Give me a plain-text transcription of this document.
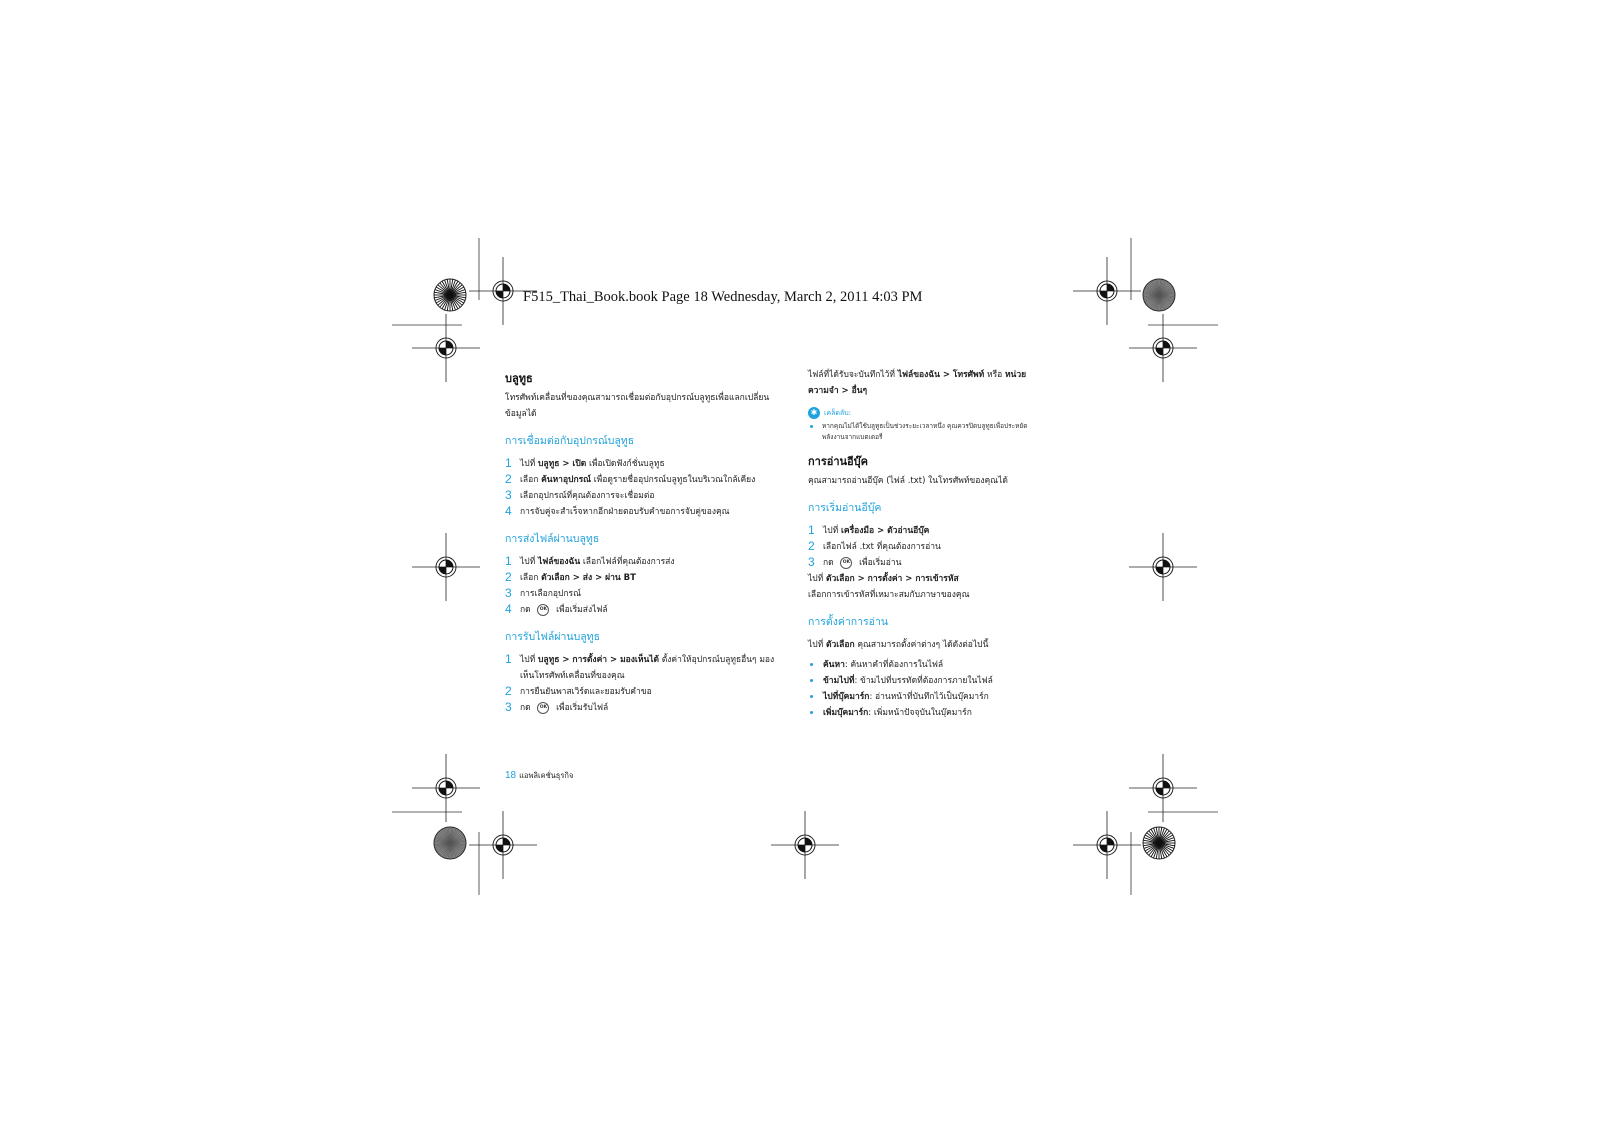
F515_Thai_Book.book Page 18 Wednesday, March 2, 2011 4:03 PM
บลูทูธ

โทรศัพท์เคลื่อนที่ของคุณสามารถเชื่อมต่อกับอุปกรณ์บลูทูธเพื่อแลกเปลี่ยนข้อมูลได้

การเชื่อมต่อกับอุปกรณ์บลูทูธ
1 ไปที่ บลูทูธ > เปิด เพื่อเปิดฟังก์ชั่นบลูทูธ
2 เลือก ค้นหาอุปกรณ์ เพื่อดูรายชื่ออุปกรณ์บลูทูธในบริเวณใกล้เคียง
3 เลือกอุปกรณ์ที่คุณต้องการจะเชื่อมต่อ
4 การจับคู่จะสำเร็จหากอีกฝ่ายตอบรับคำขอการจับคู่ของคุณ
การส่งไฟล์ผ่านบลูทูธ
1 ไปที่ ไฟล์ของฉัน เลือกไฟล์ที่คุณต้องการส่ง
2 เลือก ตัวเลือก > ส่ง > ผ่าน BT
3 การเลือกอุปกรณ์
4 กด OK เพื่อเริ่มส่งไฟล์
การรับไฟล์ผ่านบลูทูธ
1 ไปที่ บลูทูธ > การตั้งค่า > มองเห็นได้ ตั้งค่าให้อุปกรณ์บลูทูธอื่นๆ มองเห็นโทรศัพท์เคลื่อนที่ของคุณ
2 การยืนยันพาสเวิร์ดและยอมรับคำขอ
3 กด OK เพื่อเริ่มรับไฟล์

ไฟล์ที่ได้รับจะบันทึกไว้ที่ ไฟล์ของฉัน > โทรศัพท์ หรือ หน่วยความจำ > อื่นๆ

✱ เคล็ดลับ:
หากคุณไม่ได้ใช้บลูทูธเป็นช่วงระยะเวลาหนึ่ง คุณควรปิดบลูทูธเพื่อประหยัดพลังงานจากแบตเตอรี่
การอ่านอีบุ๊ค

คุณสามารถอ่านอีบุ๊ค (ไฟล์ .txt) ในโทรศัพท์ของคุณได้

การเริ่มอ่านอีบุ๊ค
1 ไปที่ เครื่องมือ > ตัวอ่านอีบุ๊ค
2 เลือกไฟล์ .txt ที่คุณต้องการอ่าน
3 กด OK เพื่อเริ่มอ่าน

ไปที่ ตัวเลือก > การตั้งค่า > การเข้ารหัส

เลือกการเข้ารหัสที่เหมาะสมกับภาษาของคุณ

การตั้งค่าการอ่าน

ไปที่ ตัวเลือก คุณสามารถตั้งค่าต่างๆ ได้ดังต่อไปนี้

ค้นหา: ค้นหาคำที่ต้องการในไฟล์
ข้ามไปที่: ข้ามไปที่บรรทัดที่ต้องการภายในไฟล์
ไปที่บุ๊คมาร์ก: อ่านหน้าที่บันทึกไว้เป็นบุ๊คมาร์ก
เพิ่มบุ๊คมาร์ก: เพิ่มหน้าปัจจุบันในบุ๊คมาร์ก
18 แอพลิเคชั่นธุรกิจ
